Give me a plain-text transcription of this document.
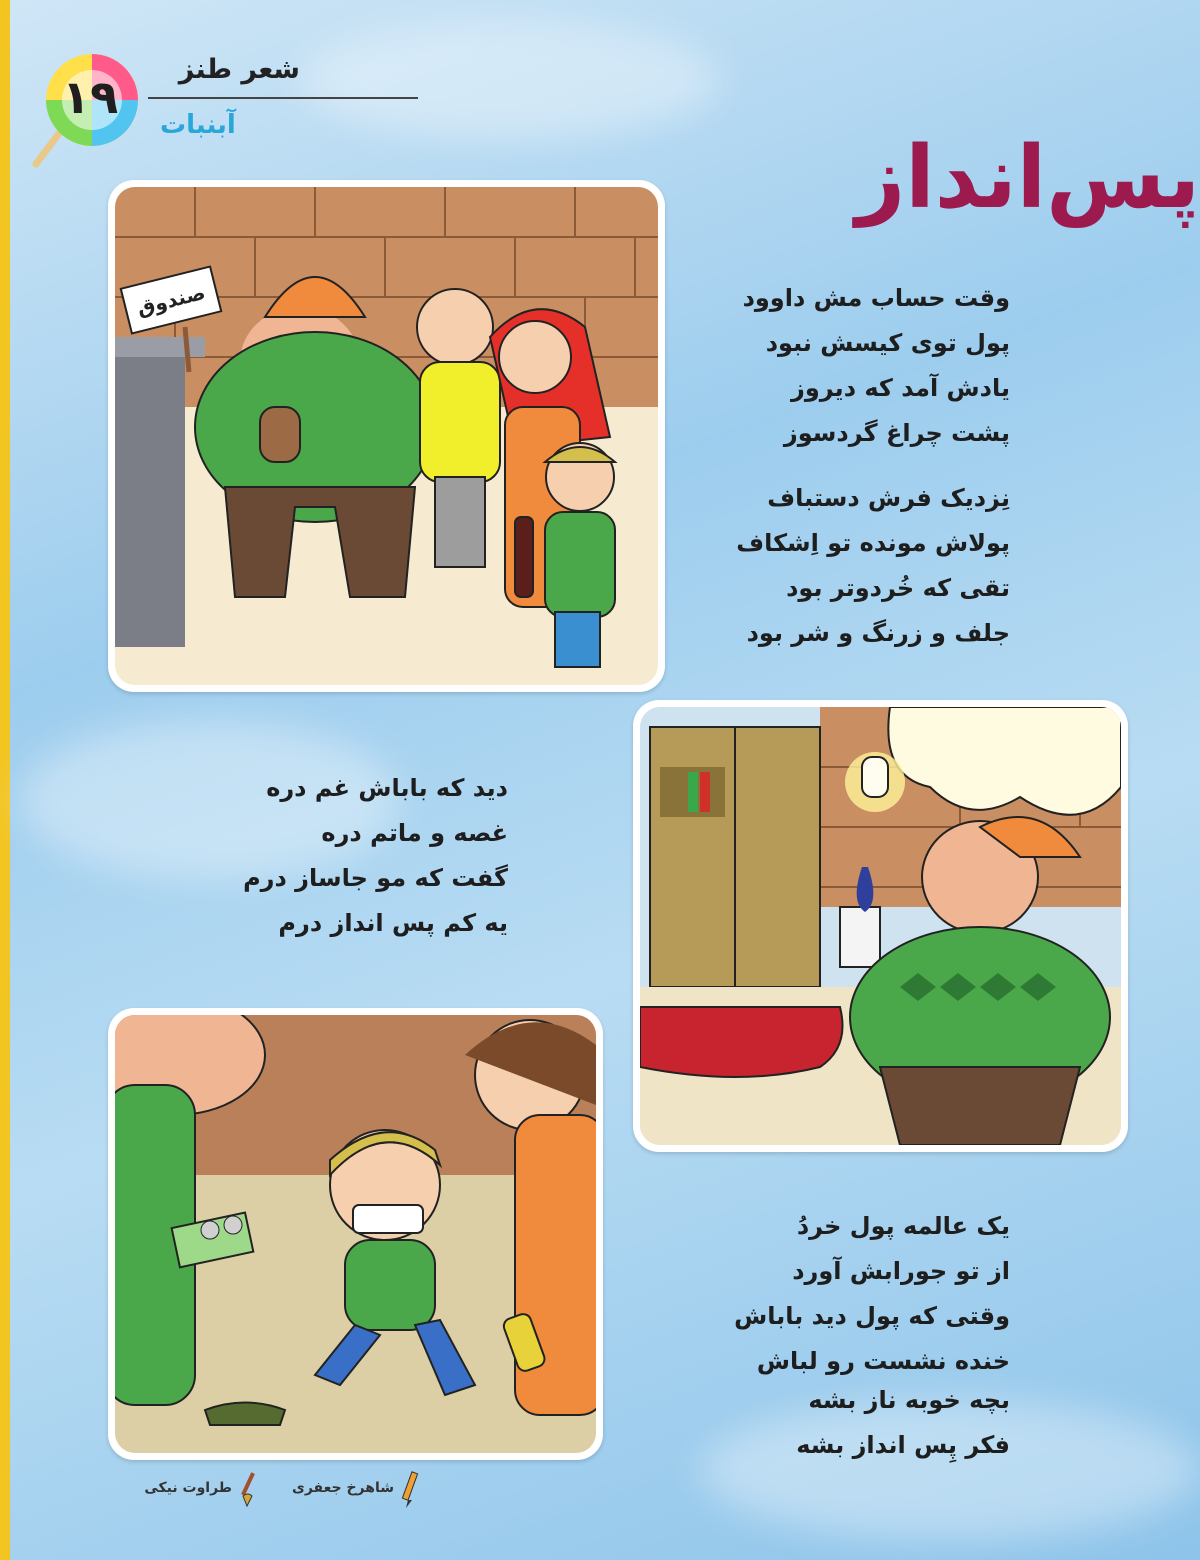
۱۹
شعر طنز
آبنبات
پس‌انداز
صندوق	وقت حساب مش داوود
پول توی کیسش نبود
یادش آمد که دیروز
پشت چراغ گردسوز
نِزدیک فرش دستباف
پولاش مونده تو اِشکاف
تقی که خُردوتر بود
جلف و زرنگ و شر بود
دید که باباش غم دره
غصه و ماتم دره
گفت که مو جاساز درم
یه کم پس انداز درم
یک عالمه پول خردُ
از تو جورابش آورد
وقتی که پول دید باباش
خنده نشست رو لباش
بچه خوبه ناز بشه
فکر پِس انداز بشه
شاهرخ جعفری
طراوت نیکی
